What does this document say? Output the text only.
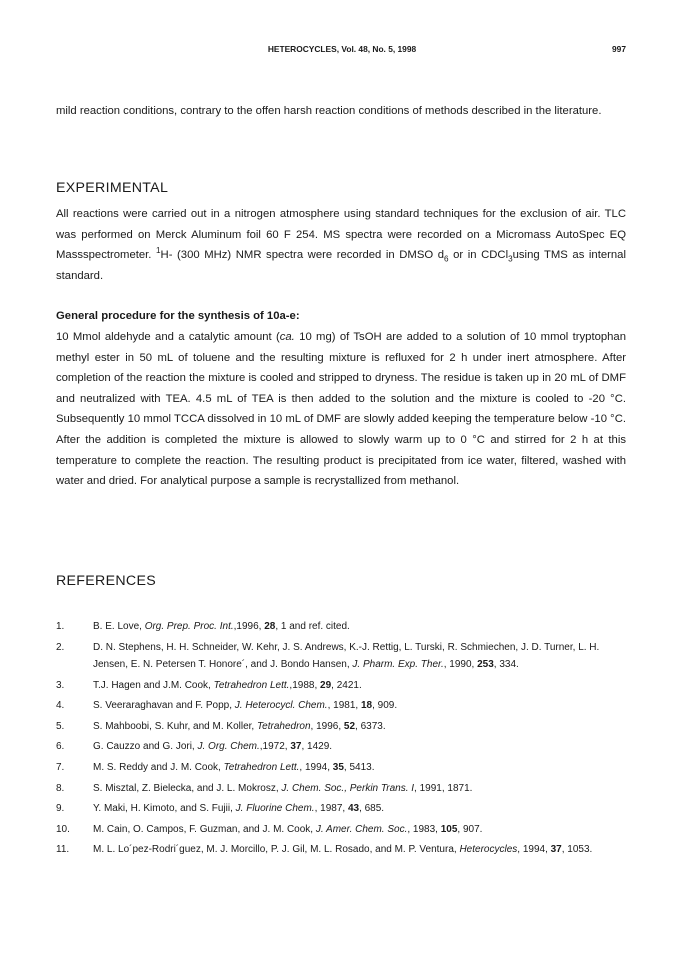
HETEROCYCLES, Vol. 48, No. 5, 1998	997

mild reaction conditions, contrary to the offen harsh reaction conditions of methods described in the literature.

EXPERIMENTAL

All reactions were carried out in a nitrogen atmosphere using standard techniques for the exclusion of air. TLC was performed on Merck Aluminum foil 60 F 254. MS spectra were recorded on a Micromass AutoSpec EQ Massspectrometer. $^1$H- (300 MHz) NMR spectra were recorded in DMSO $d_6$ or in CDCl$_3$using TMS as internal standard.

General procedure for the synthesis of 10a-e:

10 Mmol aldehyde and a catalytic amount (ca. 10 mg) of TsOH are added to a solution of 10 mmol tryptophan methyl ester in 50 mL of toluene and the resulting mixture is refluxed for 2 h under inert atmosphere. After completion of the reaction the mixture is cooled and stripped to dryness. The residue is taken up in 20 mL of DMF and neutralized with TEA. 4.5 mL of TEA is then added to the solution and the mixture is cooled to -20 °C. Subsequently 10 mmol TCCA dissolved in 10 mL of DMF are slowly added keeping the temperature below -10 °C. After the addition is completed the mixture is allowed to slowly warm up to 0 °C and stirred for 2 h at this temperature to complete the reaction. The resulting product is precipitated from ice water, filtered, washed with water and dried. For analytical purpose a sample is recrystallized from methanol.

REFERENCES
1.	B. E. Love, Org. Prep. Proc. Int.,1996, 28, 1 and ref. cited.
2.	D. N. Stephens, H. H. Schneider, W. Kehr, J. S. Andrews, K.-J. Rettig, L. Turski, R. Schmiechen, J. D. Turner, L. H. Jensen, E. N. Petersen T. Honore´, and J. Bondo Hansen, J. Pharm. Exp. Ther., 1990, 253, 334.
3.	T.J. Hagen and J.M. Cook, Tetrahedron Lett.,1988, 29, 2421.
4.	S. Veeraraghavan and F. Popp, J. Heterocycl. Chem., 1981, 18, 909.
5.	S. Mahboobi, S. Kuhr, and M. Koller, Tetrahedron, 1996, 52, 6373.
6.	G. Cauzzo and G. Jori, J. Org. Chem.,1972, 37, 1429.
7.	M. S. Reddy and J. M. Cook, Tetrahedron Lett., 1994, 35, 5413.
8.	S. Misztal, Z. Bielecka, and J. L. Mokrosz, J. Chem. Soc., Perkin Trans. I, 1991, 1871.
9.	Y. Maki, H. Kimoto, and S. Fujii, J. Fluorine Chem., 1987, 43, 685.
10. M. Cain, O. Campos, F. Guzman, and J. M. Cook, J. Amer. Chem. Soc., 1983, 105, 907.
11. M. L. Lo´pez-Rodri´guez, M. J. Morcillo, P. J. Gil, M. L. Rosado, and M. P. Ventura, Heterocycles, 1994, 37, 1053.
